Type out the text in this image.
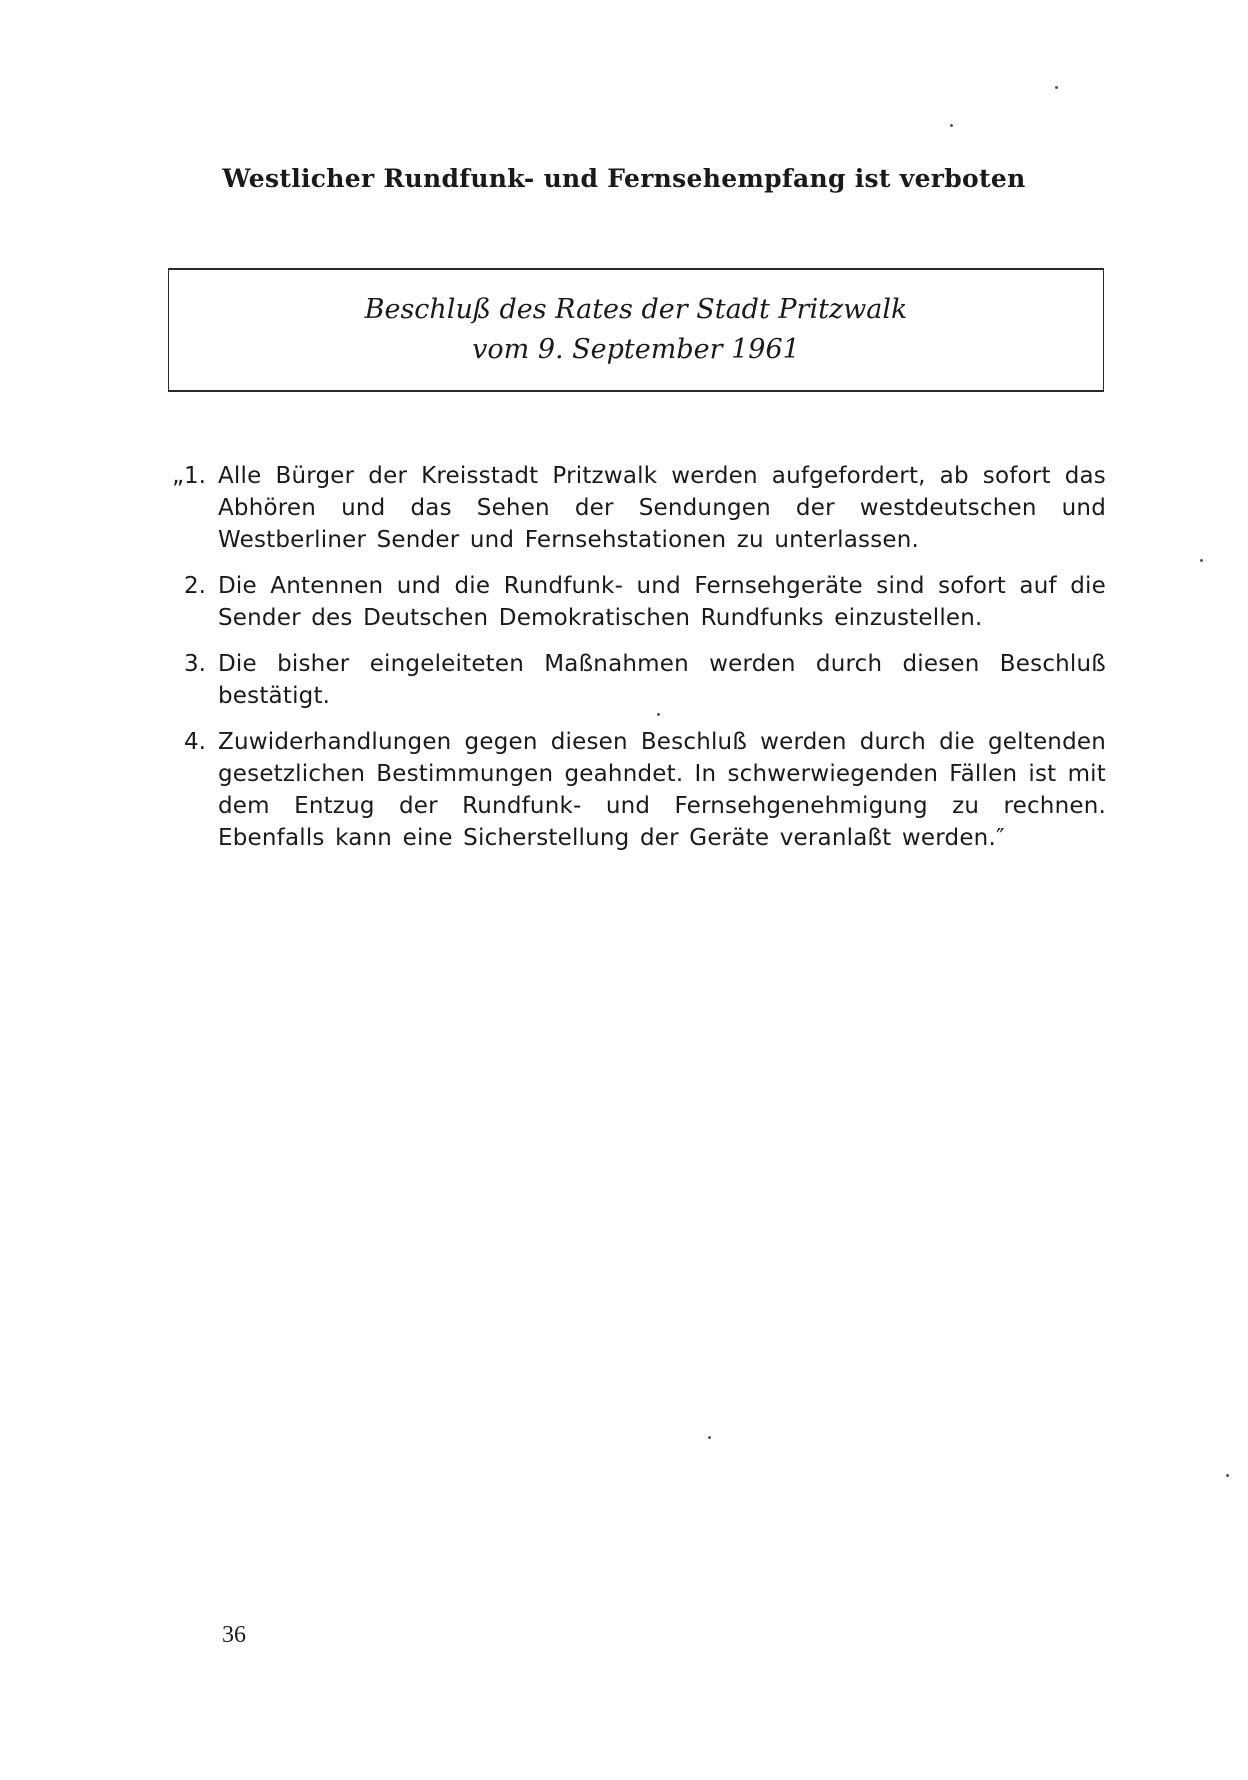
Westlicher Rundfunk- und Fernsehempfang ist verboten
Beschluß des Rates der Stadt Pritzwalk
vom 9. September 1961
„1. Alle Bürger der Kreisstadt Pritzwalk werden aufgefordert, ab sofort das Abhören und das Sehen der Sendungen der westdeutschen und Westberliner Sender und Fernsehstationen zu unterlassen.
2. Die Antennen und die Rundfunk- und Fernsehgeräte sind sofort auf die Sender des Deutschen Demokratischen Rundfunks einzustellen.
3. Die bisher eingeleiteten Maßnahmen werden durch diesen Beschluß bestätigt.
4. Zuwiderhandlungen gegen diesen Beschluß werden durch die geltenden gesetzlichen Bestimmungen geahndet. In schwerwiegenden Fällen ist mit dem Entzug der Rundfunk- und Fernsehgenehmigung zu rechnen. Ebenfalls kann eine Sicherstellung der Geräte veranlaßt werden.″
36
